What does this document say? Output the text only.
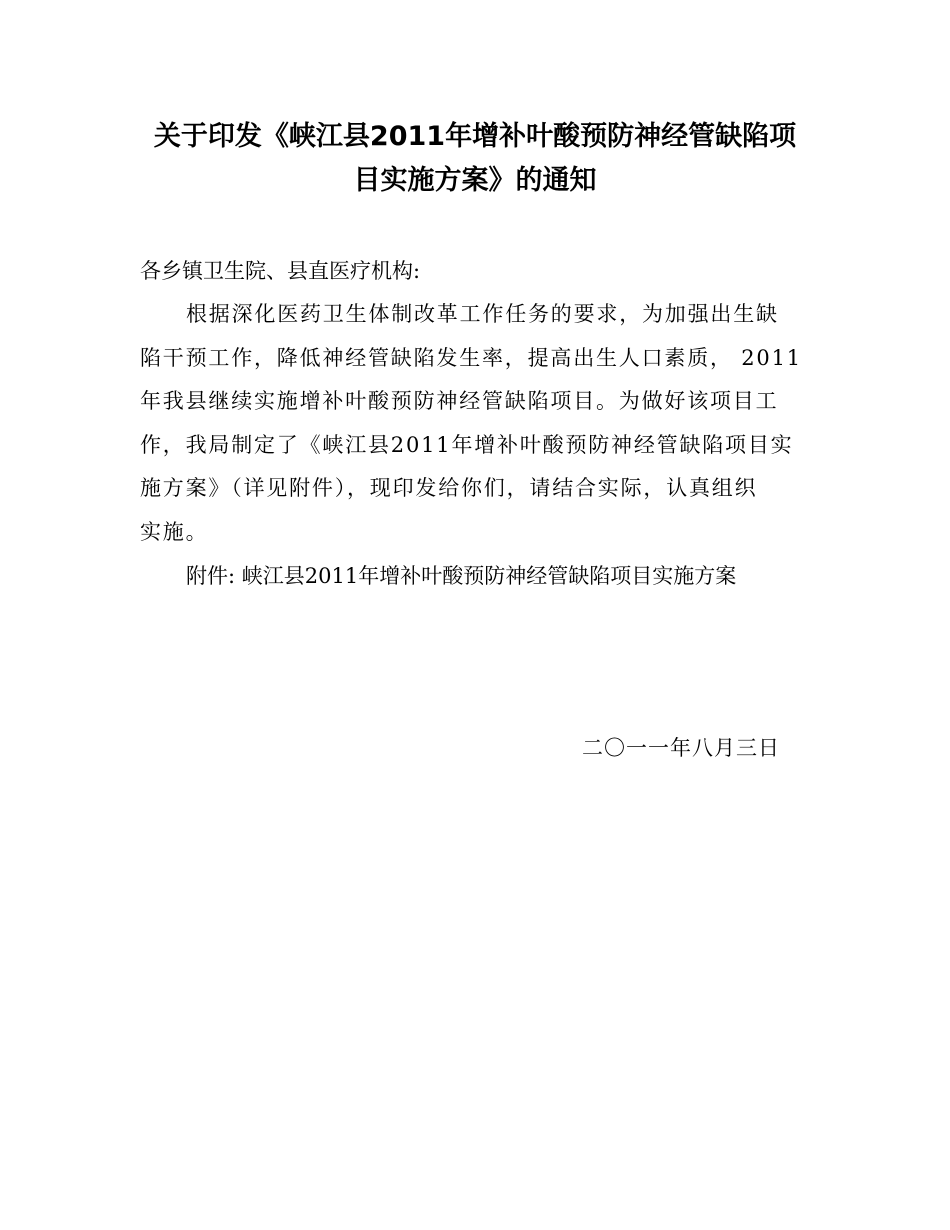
关于印发《峡江县2011年增补叶酸预防神经管缺陷项
目实施方案》的通知

各乡镇卫生院、县直医疗机构:

根据深化医药卫生体制改革工作任务的要求，为加强出生缺

陷干预工作，降低神经管缺陷发生率，提高出生人口素质， 2011

年我县继续实施增补叶酸预防神经管缺陷项目。为做好该项目工

作，我局制定了《峡江县2011年增补叶酸预防神经管缺陷项目实

施方案》（详见附件），现印发给你们，请结合实际，认真组织

实施。

附件: 峡江县2011年增补叶酸预防神经管缺陷项目实施方案

二〇一一年八月三日
